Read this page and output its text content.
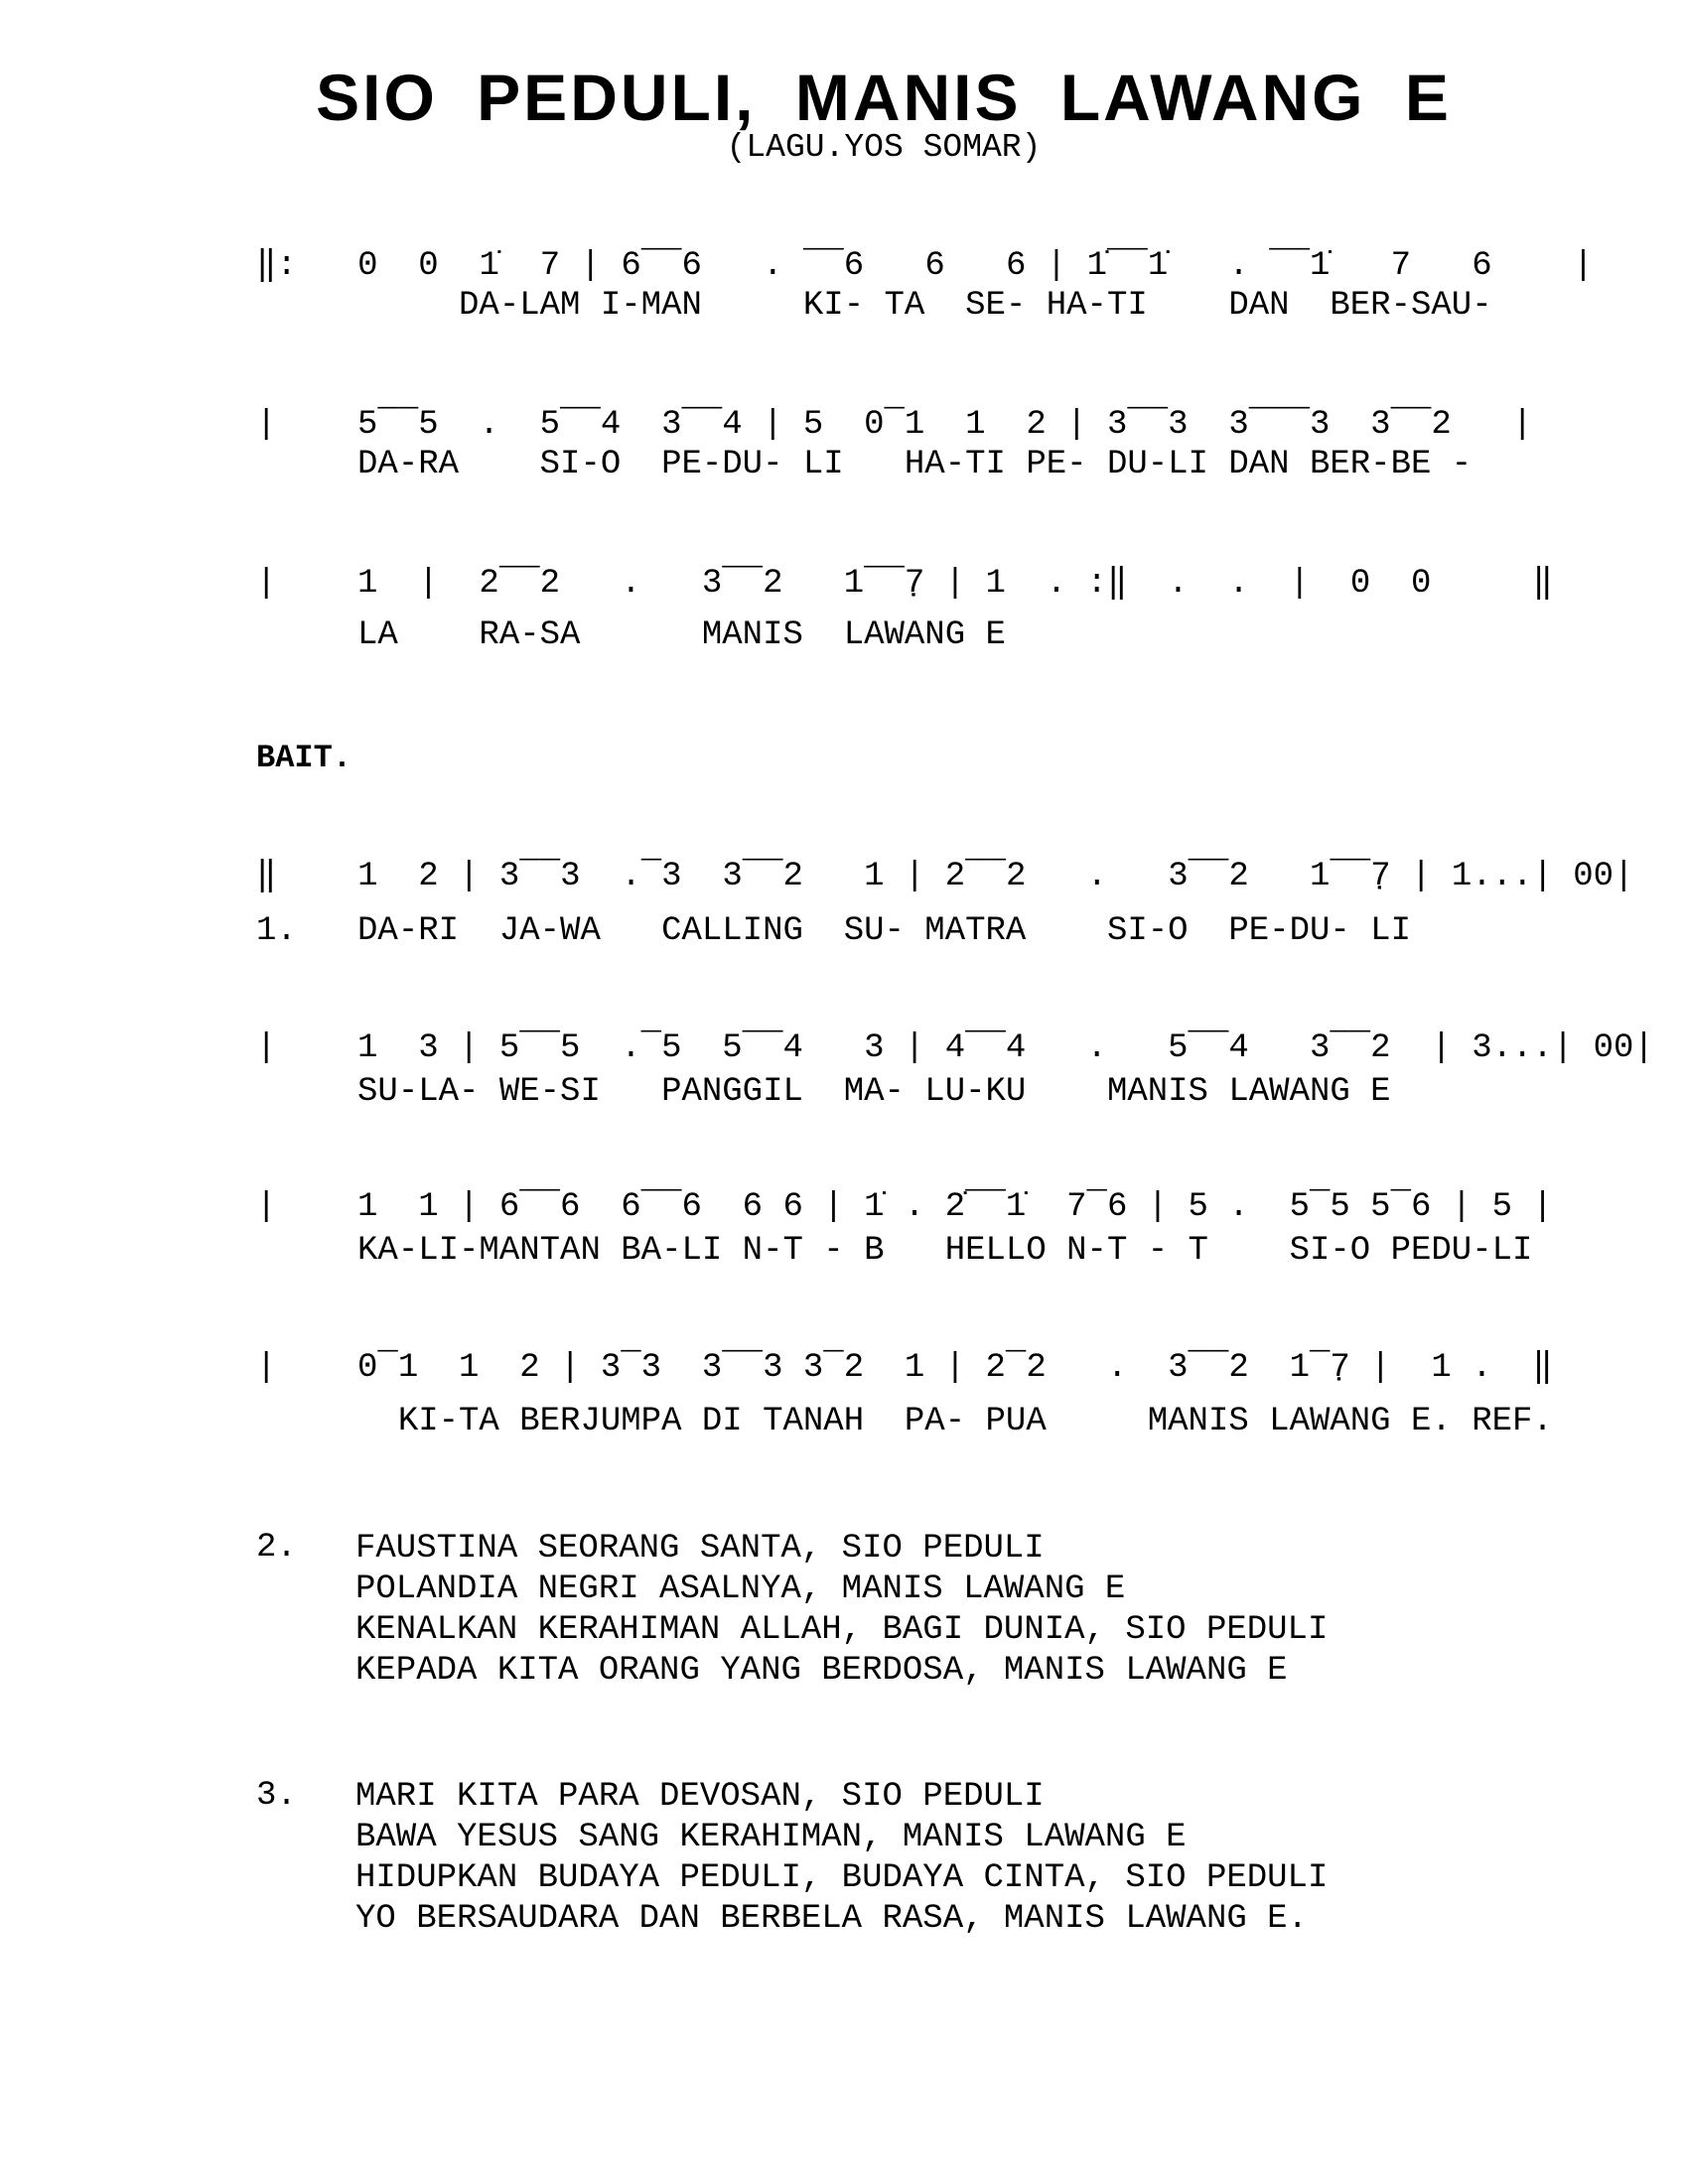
SIO PEDULI, MANIS LAWANG E
(LAGU.YOS SOMAR)
‖:   0  0  1̇  7 | 6‾‾6   . ‾‾6   6   6 | 1̇‾‾1̇   . ‾‾1̇   7   6    |
DA-LAM I-MAN     KI- TA  SE- HA-TI    DAN  BER-SAU-
|    5‾‾5  .  5‾‾4  3‾‾4 | 5  0‾1  1  2 | 3‾‾3  3‾‾‾3  3‾‾2   |
DA-RA    SI-O  PE-DU- LI   HA-TI PE- DU-LI DAN BER-BE -
|    1  |  2‾‾2   .   3‾‾2   1‾‾7̣ | 1  . :‖  .  .  |  0  0     ‖
LA    RA-SA      MANIS  LAWANG E
BAIT.
‖    1  2 | 3‾‾3  .‾3  3‾‾2   1 | 2‾‾2   .   3‾‾2   1‾‾7̣ | 1...| 00|
1.   DA-RI  JA-WA   CALLING  SU- MATRA    SI-O  PE-DU- LI
|    1  3 | 5‾‾5  .‾5  5‾‾4   3 | 4‾‾4   .   5‾‾4   3‾‾2  | 3...| 00|
SU-LA- WE-SI   PANGGIL  MA- LU-KU    MANIS LAWANG E
|    1  1 | 6‾‾6  6‾‾6  6 6 | 1̇ . 2̇‾‾1̇  7‾6 | 5 .  5‾5 5‾6 | 5 |
KA-LI-MANTAN BA-LI N-T - B   HELLO N-T - T    SI-O PEDU-LI
|    0‾1  1  2 | 3‾3  3‾‾3 3‾2  1 | 2‾2   .  3‾‾2  1‾7̣ |  1 .  ‖
KI-TA BERJUMPA DI TANAH  PA- PUA     MANIS LAWANG E. REF.
2. FAUSTINA SEORANG SANTA, SIO PEDULI
POLANDIA NEGRI ASALNYA, MANIS LAWANG E
KENALKAN KERAHIMAN ALLAH, BAGI DUNIA, SIO PEDULI
KEPADA KITA ORANG YANG BERDOSA, MANIS LAWANG E
3. MARI KITA PARA DEVOSAN, SIO PEDULI
BAWA YESUS SANG KERAHIMAN, MANIS LAWANG E
HIDUPKAN BUDAYA PEDULI, BUDAYA CINTA, SIO PEDULI
YO BERSAUDARA DAN BERBELA RASA, MANIS LAWANG E.
